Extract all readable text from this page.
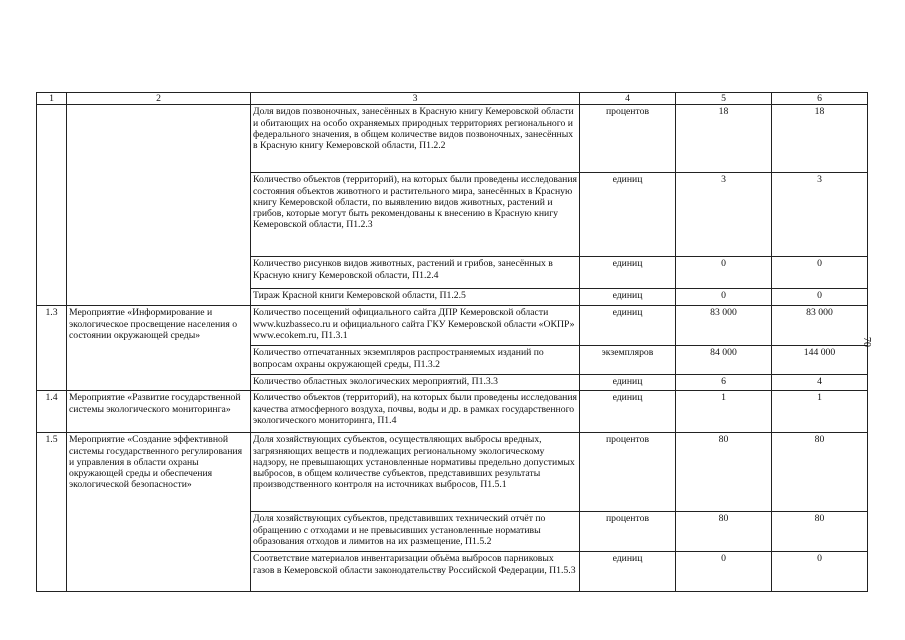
1	2	3	4	5	6
		Доля видов позвоночных, занесённых в Красную книгу Кемеровской области и обитающих на особо охраняемых природных территориях регионального и федерального значения, в общем количестве видов позвоночных, занесённых в Красную книгу Кемеровской области, П1.2.2	процентов	18	18
		Количество объектов (территорий), на которых были проведены исследования состояния объектов животного и растительного мира, занесённых в Красную книгу Кемеровской области, по выявлению видов животных, растений и грибов, которые могут быть рекомендованы к внесению в Красную книгу Кемеровской области, П1.2.3	единиц	3	3
		Количество рисунков видов животных, растений и грибов, занесённых в Красную книгу Кемеровской области, П1.2.4	единиц	0	0
		Тираж Красной книги Кемеровской области, П1.2.5	единиц	0	0
1.3	Мероприятие «Информирование и экологическое просвещение населения о состоянии окружающей среды»	Количество посещений официального сайта ДПР Кемеровской области www.kuzbasseco.ru и официального сайта ГКУ Кемеровской области «ОКПР» www.ecokem.ru, П1.3.1	единиц	83 000	83 000
		Количество отпечатанных экземпляров распространяемых изданий по вопросам охраны окружающей среды, П1.3.2	экземпляров	84 000	144 000
		Количество областных экологических мероприятий, П1.3.3	единиц	6	4
1.4	Мероприятие «Развитие государственной системы экологического мониторинга»	Количество объектов (территорий), на которых были проведены исследования качества атмосферного воздуха, почвы, воды и др. в рамках государственного экологического мониторинга, П1.4	единиц	1	1
1.5	Мероприятие «Создание эффективной системы государственного регулирования и управления в области охраны окружающей среды и обеспечения экологической безопасности»	Доля хозяйствующих субъектов, осуществляющих выбросы вредных, загрязняющих веществ и подлежащих региональному экологическому надзору, не превышающих установленные нормативы предельно допустимых выбросов, в общем количестве субъектов, представивших результаты производственного контроля на источниках выбросов, П1.5.1	процентов	80	80
		Доля хозяйствующих субъектов, представивших технический отчёт по обращению с отходами и не превысивших установленные нормативы образования отходов и лимитов на их размещение, П1.5.2	процентов	80	80
		Соответствие материалов инвентаризации объёма выбросов парниковых газов в Кемеровской области законодательству Российской Федерации, П1.5.3	единиц	0	0
70
